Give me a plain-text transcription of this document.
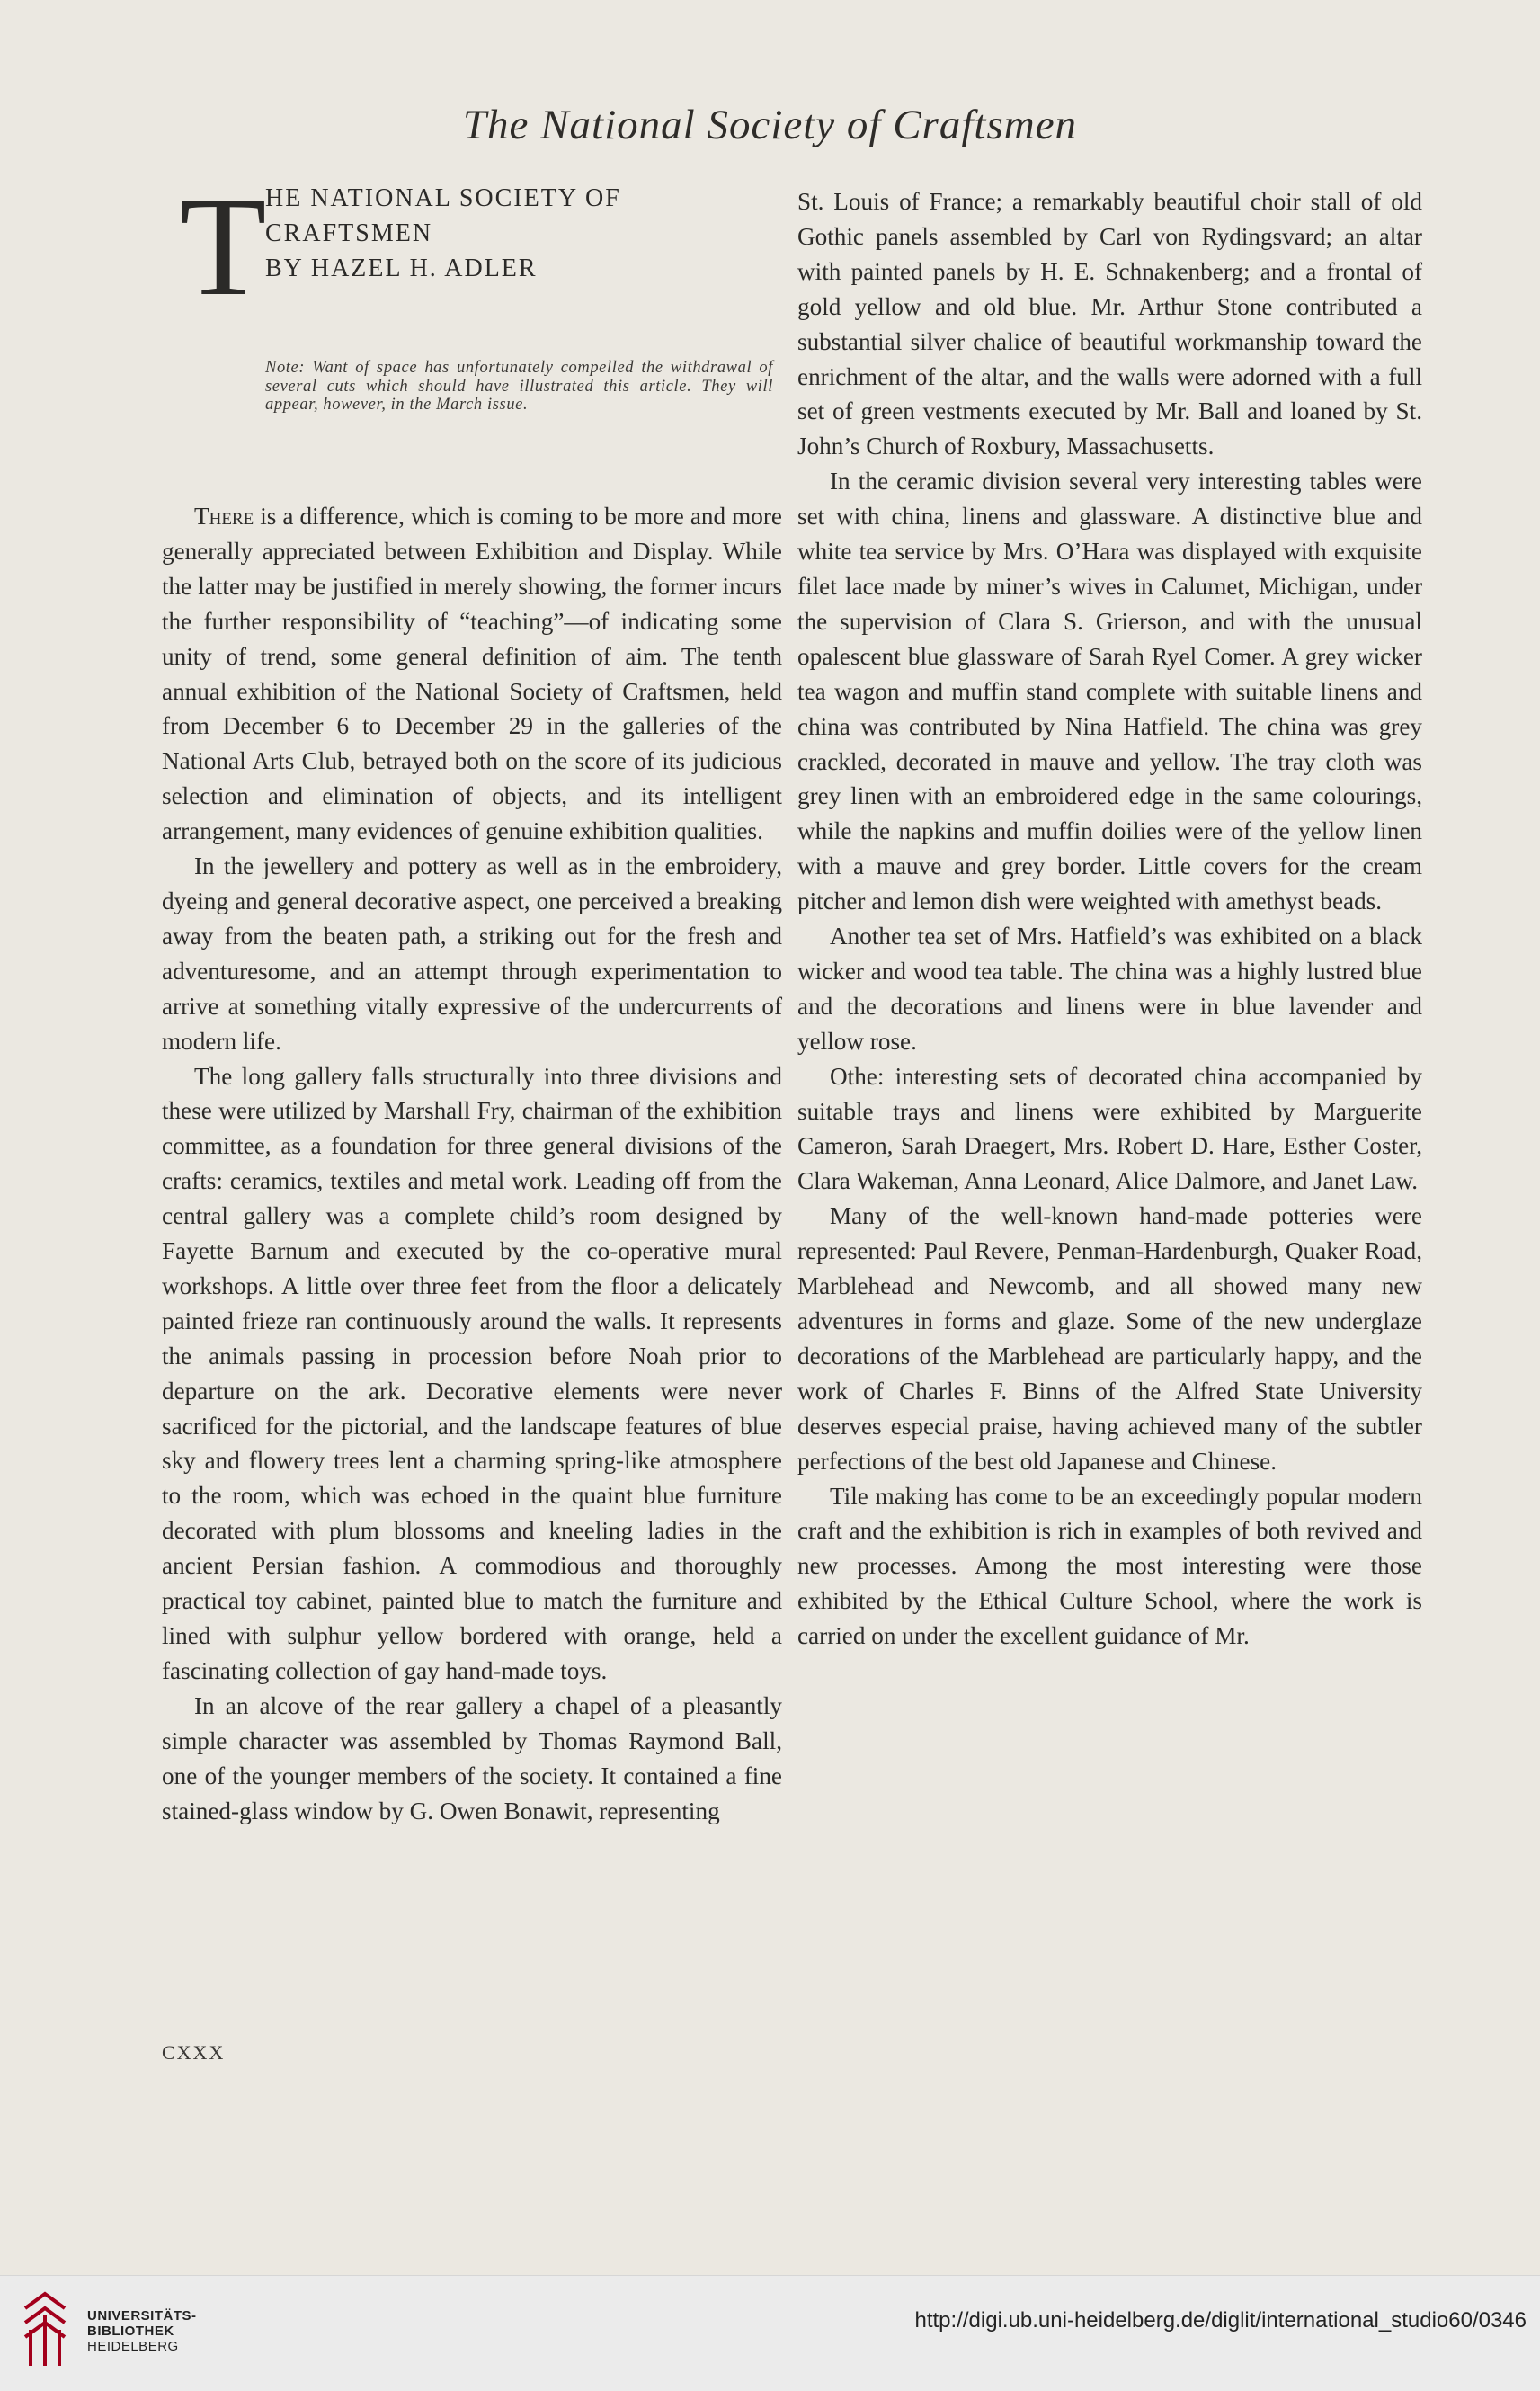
The National Society of Craftsmen
T
HE NATIONAL SOCIETY OF
CRAFTSMEN
BY HAZEL H. ADLER
Note: Want of space has unfortunately compelled the withdrawal of several cuts which should have illustrated this article. They will appear, however, in the March issue.

There is a difference, which is coming to be more and more generally appreciated between Exhibition and Display. While the latter may be justified in merely showing, the former incurs the further responsibility of “teaching”—of indicating some unity of trend, some general definition of aim. The tenth annual exhibition of the National Society of Craftsmen, held from December 6 to December 29 in the galleries of the National Arts Club, betrayed both on the score of its judicious selection and elimination of objects, and its intelligent arrangement, many evidences of genuine exhibition qualities.

In the jewellery and pottery as well as in the embroidery, dyeing and general decorative aspect, one perceived a breaking away from the beaten path, a striking out for the fresh and adventuresome, and an attempt through experimentation to arrive at something vitally expressive of the undercurrents of modern life.

The long gallery falls structurally into three divisions and these were utilized by Marshall Fry, chairman of the exhibition committee, as a foundation for three general divisions of the crafts: ceramics, textiles and metal work. Leading off from the central gallery was a complete child’s room designed by Fayette Barnum and executed by the co-operative mural workshops. A little over three feet from the floor a delicately painted frieze ran continuously around the walls. It represents the animals passing in procession before Noah prior to departure on the ark. Decorative elements were never sacrificed for the pictorial, and the landscape features of blue sky and flowery trees lent a charming spring-like atmosphere to the room, which was echoed in the quaint blue furniture decorated with plum blossoms and kneeling ladies in the ancient Persian fashion. A commodious and thoroughly practical toy cabinet, painted blue to match the furniture and lined with sulphur yellow bordered with orange, held a fascinating collection of gay hand-made toys.

In an alcove of the rear gallery a chapel of a pleasantly simple character was assembled by Thomas Raymond Ball, one of the younger members of the society. It contained a fine stained-glass window by G. Owen Bonawit, representing

St. Louis of France; a remarkably beautiful choir stall of old Gothic panels assembled by Carl von Rydingsvard; an altar with painted panels by H. E. Schnakenberg; and a frontal of gold yellow and old blue. Mr. Arthur Stone contributed a substantial silver chalice of beautiful workmanship toward the enrichment of the altar, and the walls were adorned with a full set of green vestments executed by Mr. Ball and loaned by St. John’s Church of Roxbury, Massachusetts.

In the ceramic division several very interesting tables were set with china, linens and glassware. A distinctive blue and white tea service by Mrs. O’Hara was displayed with exquisite filet lace made by miner’s wives in Calumet, Michigan, under the supervision of Clara S. Grierson, and with the unusual opalescent blue glassware of Sarah Ryel Comer. A grey wicker tea wagon and muffin stand complete with suitable linens and china was contributed by Nina Hatfield. The china was grey crackled, decorated in mauve and yellow. The tray cloth was grey linen with an embroidered edge in the same colourings, while the napkins and muffin doilies were of the yellow linen with a mauve and grey border. Little covers for the cream pitcher and lemon dish were weighted with amethyst beads.

Another tea set of Mrs. Hatfield’s was exhibited on a black wicker and wood tea table. The china was a highly lustred blue and the decorations and linens were in blue lavender and yellow rose.

Othe: interesting sets of decorated china accompanied by suitable trays and linens were exhibited by Marguerite Cameron, Sarah Draegert, Mrs. Robert D. Hare, Esther Coster, Clara Wakeman, Anna Leonard, Alice Dalmore, and Janet Law.

Many of the well-known hand-made potteries were represented: Paul Revere, Penman-Hardenburgh, Quaker Road, Marblehead and Newcomb, and all showed many new adventures in forms and glaze. Some of the new underglaze decorations of the Marblehead are particularly happy, and the work of Charles F. Binns of the Alfred State University deserves especial praise, having achieved many of the subtler perfections of the best old Japanese and Chinese.

Tile making has come to be an exceedingly popular modern craft and the exhibition is rich in examples of both revived and new processes. Among the most interesting were those exhibited by the Ethical Culture School, where the work is carried on under the excellent guidance of Mr.

CXXX
UNIVERSITÄTS-
BIBLIOTHEK
HEIDELBERG
http://digi.ub.uni-heidelberg.de/diglit/international_studio60/0346
